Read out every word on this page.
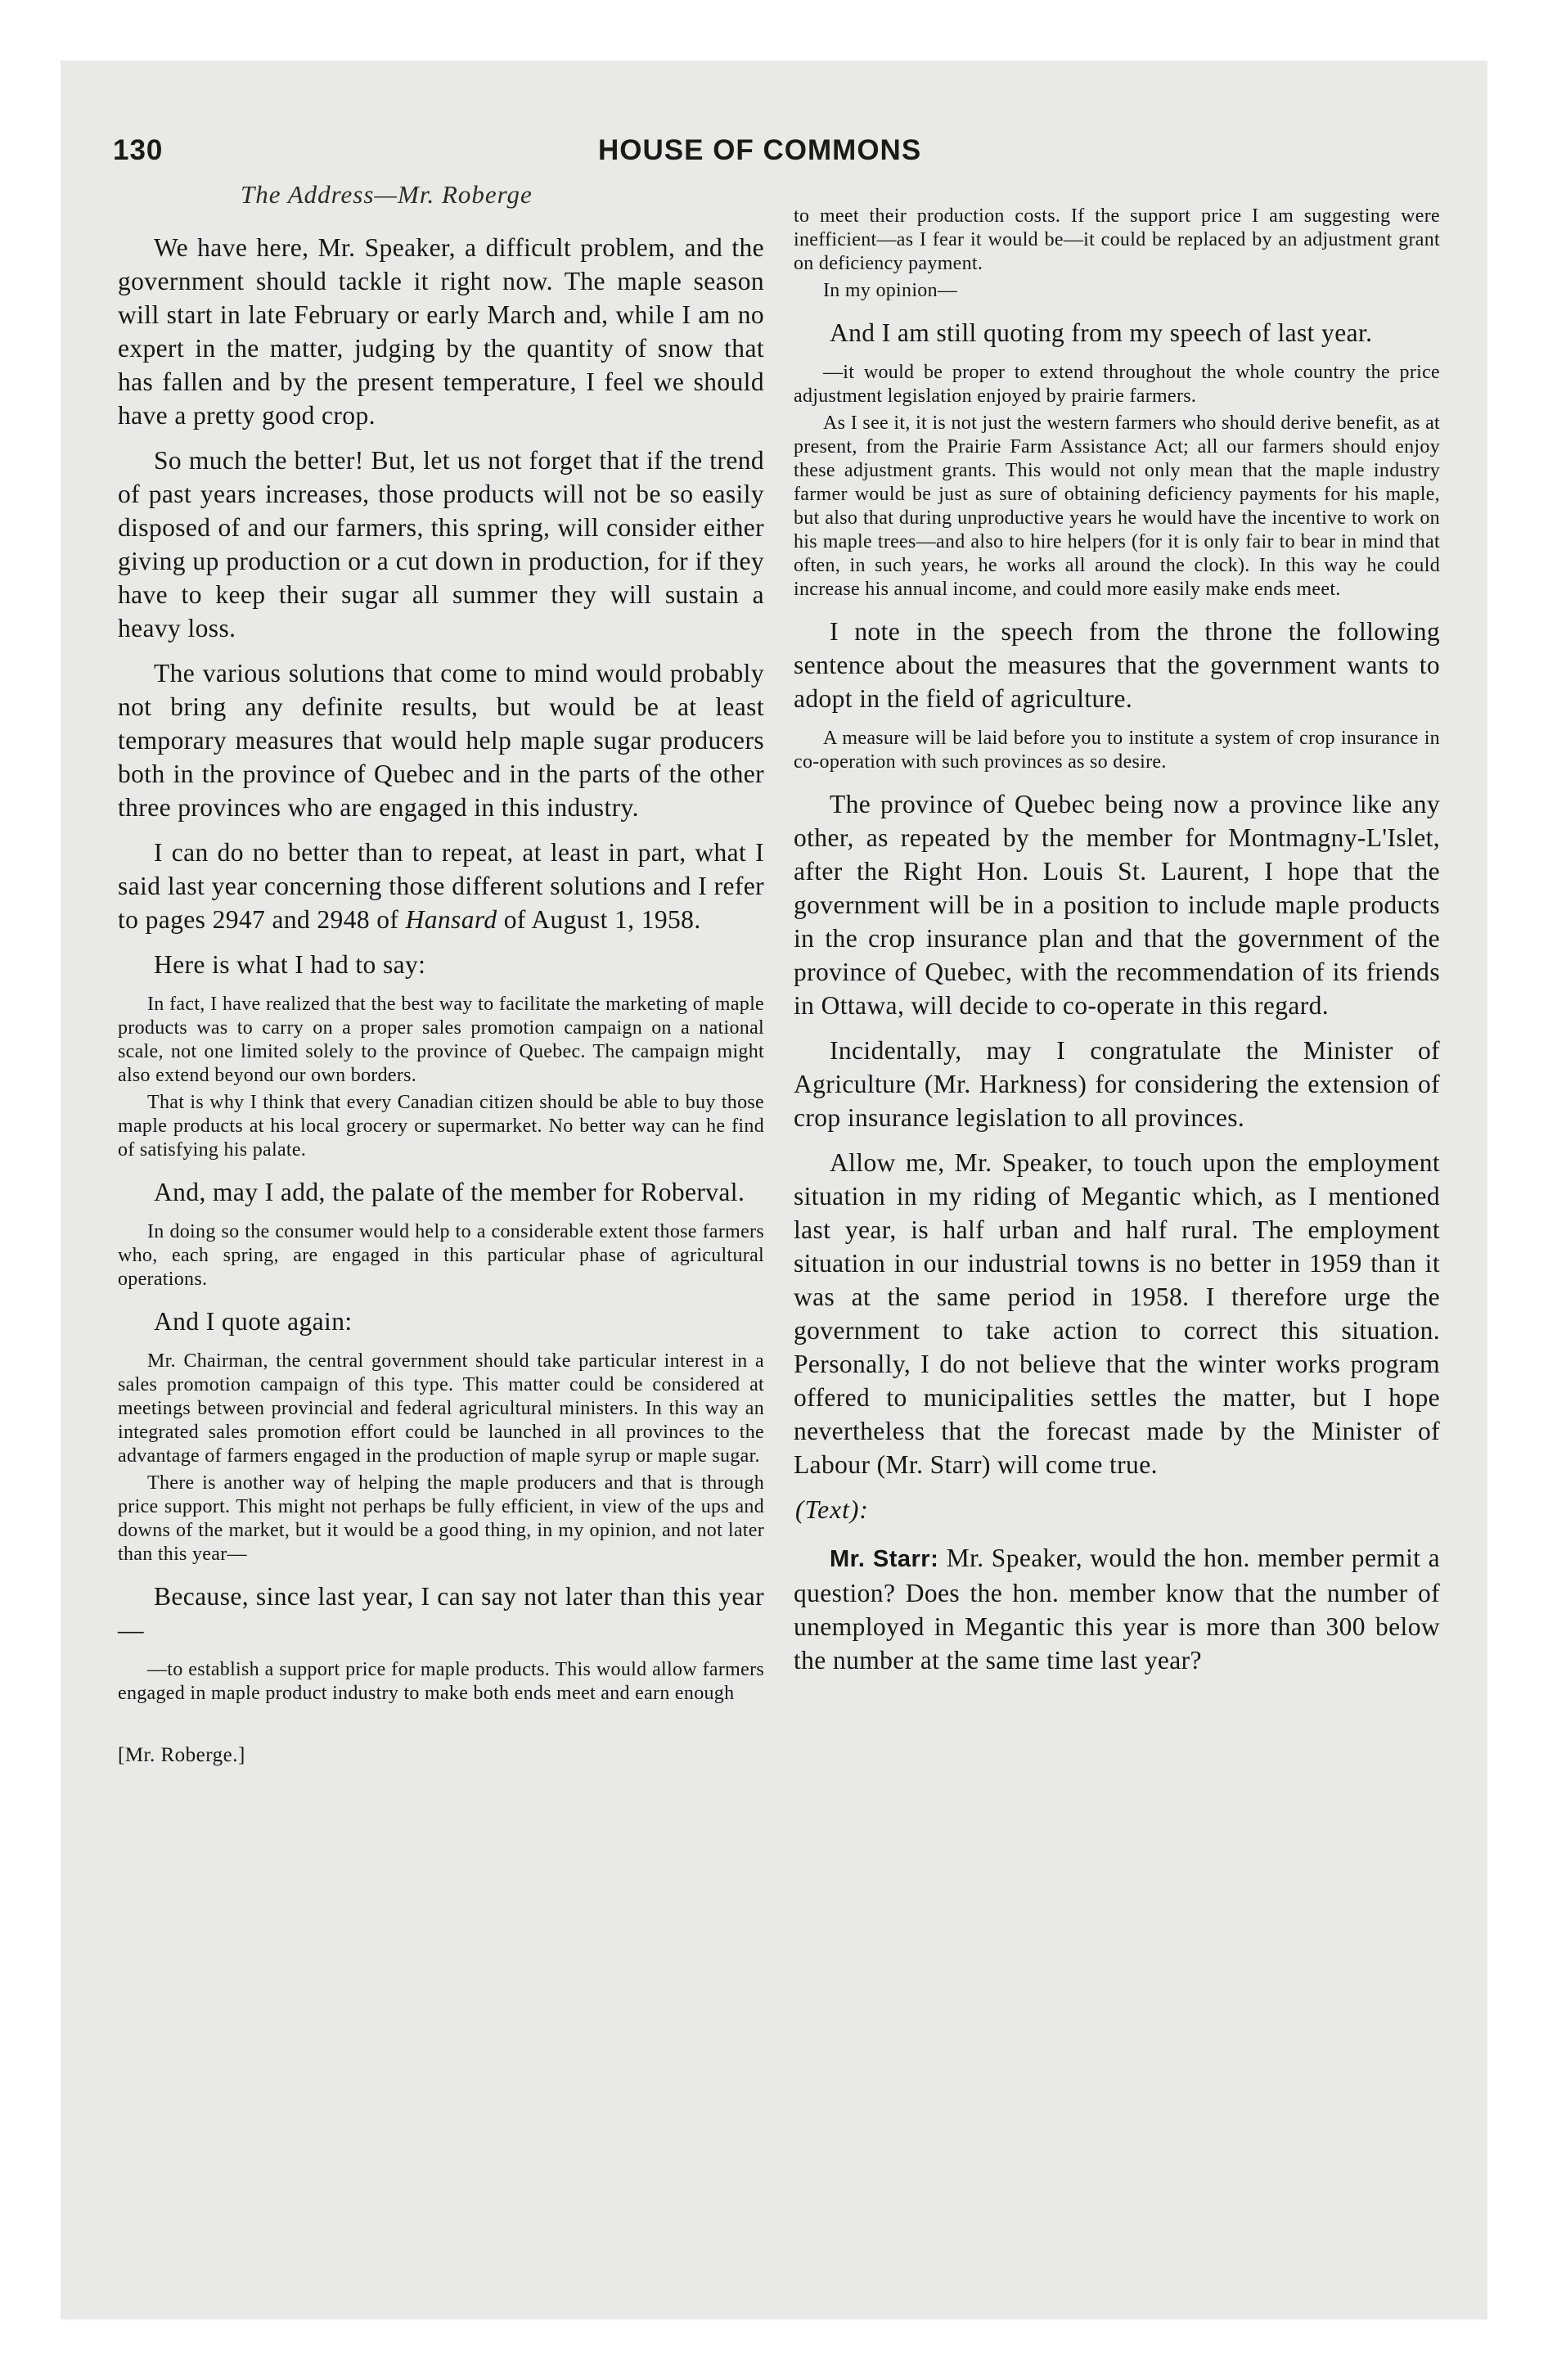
130	HOUSE OF COMMONS
The Address—Mr. Roberge

We have here, Mr. Speaker, a difficult problem, and the government should tackle it right now. The maple season will start in late February or early March and, while I am no expert in the matter, judging by the quantity of snow that has fallen and by the present temperature, I feel we should have a pretty good crop.

So much the better! But, let us not forget that if the trend of past years increases, those products will not be so easily disposed of and our farmers, this spring, will consider either giving up production or a cut down in production, for if they have to keep their sugar all summer they will sustain a heavy loss.

The various solutions that come to mind would probably not bring any definite results, but would be at least temporary measures that would help maple sugar producers both in the province of Quebec and in the parts of the other three provinces who are engaged in this industry.

I can do no better than to repeat, at least in part, what I said last year concerning those different solutions and I refer to pages 2947 and 2948 of Hansard of August 1, 1958.

Here is what I had to say:

In fact, I have realized that the best way to facilitate the marketing of maple products was to carry on a proper sales promotion campaign on a national scale, not one limited solely to the province of Quebec. The campaign might also extend beyond our own borders.

That is why I think that every Canadian citizen should be able to buy those maple products at his local grocery or supermarket. No better way can he find of satisfying his palate.

And, may I add, the palate of the member for Roberval.

In doing so the consumer would help to a considerable extent those farmers who, each spring, are engaged in this particular phase of agricultural operations.

And I quote again:

Mr. Chairman, the central government should take particular interest in a sales promotion campaign of this type. This matter could be considered at meetings between provincial and federal agricultural ministers. In this way an integrated sales promotion effort could be launched in all provinces to the advantage of farmers engaged in the production of maple syrup or maple sugar.

There is another way of helping the maple producers and that is through price support. This might not perhaps be fully efficient, in view of the ups and downs of the market, but it would be a good thing, in my opinion, and not later than this year—

Because, since last year, I can say not later than this year—

—to establish a support price for maple products. This would allow farmers engaged in maple product industry to make both ends meet and earn enough

[Mr. Roberge.]

to meet their production costs. If the support price I am suggesting were inefficient—as I fear it would be—it could be replaced by an adjustment grant on deficiency payment.

In my opinion—

And I am still quoting from my speech of last year.

—it would be proper to extend throughout the whole country the price adjustment legislation enjoyed by prairie farmers.

As I see it, it is not just the western farmers who should derive benefit, as at present, from the Prairie Farm Assistance Act; all our farmers should enjoy these adjustment grants. This would not only mean that the maple industry farmer would be just as sure of obtaining deficiency payments for his maple, but also that during unproductive years he would have the incentive to work on his maple trees—and also to hire helpers (for it is only fair to bear in mind that often, in such years, he works all around the clock). In this way he could increase his annual income, and could more easily make ends meet.

I note in the speech from the throne the following sentence about the measures that the government wants to adopt in the field of agriculture.

A measure will be laid before you to institute a system of crop insurance in co-operation with such provinces as so desire.

The province of Quebec being now a province like any other, as repeated by the member for Montmagny-L'Islet, after the Right Hon. Louis St. Laurent, I hope that the government will be in a position to include maple products in the crop insurance plan and that the government of the province of Quebec, with the recommendation of its friends in Ottawa, will decide to co-operate in this regard.

Incidentally, may I congratulate the Minister of Agriculture (Mr. Harkness) for considering the extension of crop insurance legislation to all provinces.

Allow me, Mr. Speaker, to touch upon the employment situation in my riding of Megantic which, as I mentioned last year, is half urban and half rural. The employment situation in our industrial towns is no better in 1959 than it was at the same period in 1958. I therefore urge the government to take action to correct this situation. Personally, I do not believe that the winter works program offered to municipalities settles the matter, but I hope nevertheless that the forecast made by the Minister of Labour (Mr. Starr) will come true.

(Text):

Mr. Starr: Mr. Speaker, would the hon. member permit a question? Does the hon. member know that the number of unemployed in Megantic this year is more than 300 below the number at the same time last year?
